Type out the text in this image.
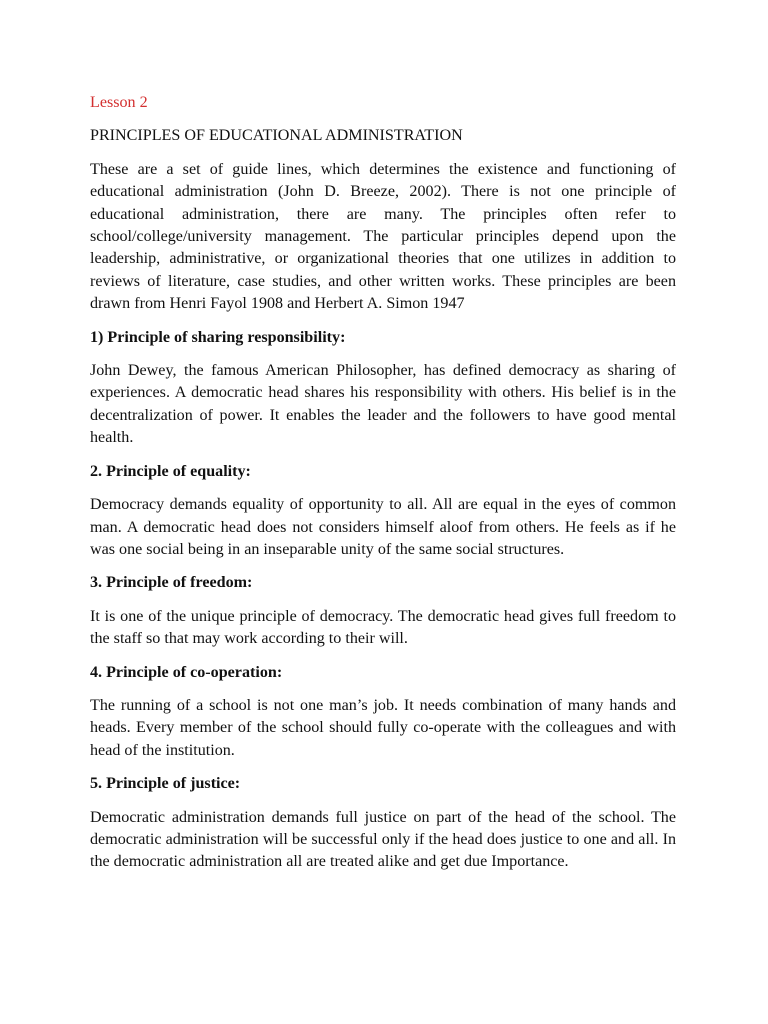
Lesson 2

PRINCIPLES OF EDUCATIONAL ADMINISTRATION

These are a set of guide lines, which determines the existence and functioning of educational administration (John D. Breeze, 2002). There is not one principle of educational administration, there are many. The principles often refer to school/college/university management. The particular principles depend upon the leadership, administrative, or organizational theories that one utilizes in addition to reviews of literature, case studies, and other written works. These principles are been drawn from Henri Fayol 1908 and Herbert A. Simon 1947

1) Principle of sharing responsibility:

John Dewey, the famous American Philosopher, has defined democracy as sharing of experiences. A democratic head shares his responsibility with others. His belief is in the decentralization of power. It enables the leader and the followers to have good mental health.

2. Principle of equality:

Democracy demands equality of opportunity to all. All are equal in the eyes of common man. A democratic head does not considers himself aloof from others. He feels as if he was one social being in an inseparable unity of the same social structures.

3. Principle of freedom:

It is one of the unique principle of democracy. The democratic head gives full freedom to the staff so that may work according to their will.

4. Principle of co-operation:

The running of a school is not one man’s job. It needs combination of many hands and heads. Every member of the school should fully co-operate with the colleagues and with head of the institution.

5. Principle of justice:

Democratic administration demands full justice on part of the head of the school. The democratic administration will be successful only if the head does justice to one and all. In the democratic administration all are treated alike and get due Importance.
